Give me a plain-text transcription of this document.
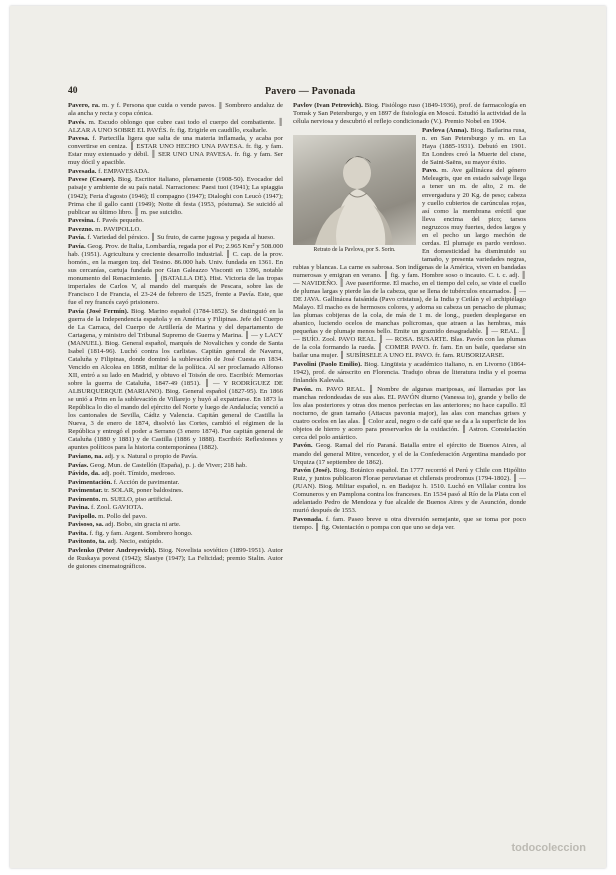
40	Pavero — Pavonada

Pavero, ra. m. y f. Persona que cuida o vende pavos. ║ Sombrero andaluz de ala ancha y recta y copa cónica.

Pavés. m. Escudo oblongo que cubre casi todo el cuerpo del combatiente. ║ ALZAR A UNO SOBRE EL PAVÉS. fr. fig. Erigirle en caudillo, exaltarle.

Pavesa. f. Partecilla ligera que salta de una materia inflamada, y acaba por convertirse en ceniza. ║ ESTAR UNO HECHO UNA PAVESA. fr. fig. y fam. Estar muy extenuado y débil. ║ SER UNO UNA PAVESA. fr. fig. y fam. Ser muy dócil y apacible.

Pavesada. f. EMPAVESADA.

Pavese (Cesare). Biog. Escritor italiano, plenamente (1908-50). Evocador del paisaje y ambiente de su país natal. Narraciones: Paesi tuoi (1941); La spiaggia (1942); Feria d'agosto (1946); Il compagno (1947); Dialoghi con Leucò (1947); Prima che il gallo canti (1949); Notte di festa (1953, póstuma). Se suicidó al publicar su último libro. ║ m. pse suicidio.

Pavesina. f. Pavés pequeño.

Pavezno. m. PAVIPOLLO.

Pavía. f. Variedad del pérsico. ║ Su fruto, de carne jugosa y pegada al hueso.

Pavía. Geog. Prov. de Italia, Lombardía, regada por el Po; 2.965 Km² y 508.000 hab. (1951). Agricultura y creciente desarrollo industrial. ║ C. cap. de la prov. homón., en la margen izq. del Tesino. 86.000 hab. Univ. fundada en 1361. En sus cercanías, cartuja fundada por Gian Galeazzo Visconti en 1396, notable monumento del Renacimiento. ║ (BATALLA DE). Hist. Victoria de las tropas imperiales de Carlos V, al mando del marqués de Pescara, sobre las de Francisco I de Francia, el 23-24 de febrero de 1525, frente a Pavía. Este, que fue el rey francés cayó prisionero.

Pavía (José Fermín). Biog. Marino español (1784-1852). Se distinguió en la guerra de la Independencia española y en América y Filipinas. Jefe del Cuerpo de La Carraca, del Cuerpo de Artillería de Marina y del departamento de Cartagena, y ministro del Tribunal Supremo de Guerra y Marina. ║ — y LACY (MANUEL). Biog. General español, marqués de Novaliches y conde de Santa Isabel (1814-96). Luchó contra los carlistas. Capitán general de Navarra, Cataluña y Filipinas, donde dominó la sublevación de José Cuesta en 1834. Vencido en Alcolea en 1868, militar de la política. Al ser proclamado Alfonso XII, entró a su lado en Madrid, y obtuvo el Toisón de oro. Escribió: Memorias sobre la guerra de Cataluña, 1847-49 (1851). ║ — Y RODRÍGUEZ DE ALBURQUERQUE (MARIANO). Biog. General español (1827-95). En 1866 se unió a Prim en la sublevación de Villarejo y huyó al expatriarse. En 1873 la República lo dio el mando del ejército del Norte y luego de Andalucía; venció a los cantonales de Sevilla, Cádiz y Valencia. Capitán general de Castilla la Nueva, 3 de enero de 1874, disolvió las Cortes, cambió el régimen de la República y entregó el poder a Serrano (3 enero 1874). Fue capitán general de Cataluña (1880 y 1881) y de Castilla (1886 y 1888). Escribió: Reflexiones y apuntes políticos para la historia contemporánea (1882).

Paviano, na. adj. y s. Natural o propio de Pavía.

Pavías. Geog. Mun. de Castellón (España), p. j. de Viver; 218 hab.

Pávido, da. adj. poét. Tímido, medroso.

Pavimentación. f. Acción de pavimentar.

Pavimentar. tr. SOLAR, poner baldosines.

Pavimento. m. SUELO, piso artificial.

Pavina. f. Zool. GAVIOTA.

Pavipollo. m. Pollo del pavo.

Pavisoso, sa. adj. Bobo, sin gracia ni arte.

Pavita. f. fig. y fam. Argent. Sombrero hongo.

Pavitonto, ta. adj. Necio, estúpido.

Pavlenko (Peter Andreyevich). Biog. Novelista soviético (1899-1951). Autor de Ruskaya povest (1942); Slastye (1947); La Felicidad; premio Stalin. Autor de guiones cinematográficos.

Pavlov (Ivan Petrovich). Biog. Fisiólogo ruso (1849-1936), prof. de farmacología en Tomsk y San Petersburgo, y en 1897 de fisiología en Moscú. Estudió la actividad de la célula nerviosa y descubrió el reflejo condicionado (V.). Premio Nobel en 1904.

Retrato de la Pavlova, por S. Sorin.

Pavlova (Anna). Biog. Bailarina rusa, n. en San Petersburgo y m. en La Haya (1885-1931). Debutó en 1901. En Londres creó la Muerte del cisne, de Saint-Saëns, su mayor éxito.

Pavo. m. Ave gallinácea del género Meleagris, que en estado salvaje llega a tener un m. de alto, 2 m. de envergadura y 20 Kg. de peso; cabeza y cuello cubiertos de carúnculas rojas, así como la membrana eréctil que lleva encima del pico; tarsos negruzcos muy fuertes, dedos largos y en el pecho un largo mechón de cerdas. El plumaje es pardo verdoso. En domesticidad ha disminuido su tamaño, y presenta variedades negras, rubias y blancas. La carne es sabrosa. Son indígenas de la América, viven en bandadas numerosas y emigran en verano. ║ fig. y fam. Hombre soso o incauto. C. t. c. adj. ║ — NAVIDEÑO. ║ Ave paseriforme. El macho, en el tiempo del celo, se viste el cuello de plumas largas y pierde las de la cabeza, que se llena de tubérculos encarnados. ║ — DE JAVA. Gallinácea faisánida (Pavo cristatus), de la India y Ceilán y el archipiélago Malayo. El macho es de hermosos colores, y adorna su cabeza un penacho de plumas; las plumas cobijeras de la cola, de más de 1 m. de long., pueden desplegarse en abanico, luciendo ocelos de manchas policromas, que atraen a las hembras, más pequeñas y de plumaje menos bello. Emite un graznido desagradable. ║ — REAL. ║ — BUÍO. Zool. PAVO REAL. ║ — ROSA. BUSARTE. Blas. Pavón con las plumas de la cola formando la rueda. ║ COMER PAVO. fr. fam. En un baile, quedarse sin bailar una mujer. ║ SUBÍRSELE A UNO EL PAVO. fr. fam. RUBORIZARSE.

Pavolini (Paolo Emilio). Biog. Lingüista y académico italiano, n. en Livorno (1864-1942), prof. de sánscrito en Florencia. Tradujo obras de literatura india y el poema finlandés Kalevala.

Pavón. m. PAVO REAL. ║ Nombre de algunas mariposas, así llamadas por las manchas redondeadas de sus alas. EL PAVÓN diurno (Vanessa io), grande y bello de los alas posteriores y otras dos menos perfectas en las anteriores; no hace capullo. El nocturno, de gran tamaño (Attacus pavonia major), las alas con manchas grises y cuatro ocelos en las alas. ║ Color azul, negro o de café que se da a la superficie de los objetos de hierro y acero para preservarlos de la oxidación. ║ Astron. Constelación cerca del polo antártico.

Pavón. Geog. Ramal del río Paraná. Batalla entre el ejército de Buenos Aires, al mando del general Mitre, vencedor, y el de la Confederación Argentina mandado por Urquiza (17 septiembre de 1862).

Pavón (José). Biog. Botánico español. En 1777 recorrió el Perú y Chile con Hipólito Ruiz, y juntos publicaron Florae peruvianae et chilensis prodromus (1794-1802). ║ — (JUAN). Biog. Militar español, n. en Badajoz h. 1510. Luchó en Villalar contra los Comuneros y en Pamplona contra los franceses. En 1534 pasó al Río de la Plata con el adelantado Pedro de Mendoza y fue alcalde de Buenos Aires y de Asunción, donde murió después de 1553.

Pavonada. f. fam. Paseo breve u otra diversión semejante, que se toma por poco tiempo. ║ fig. Ostentación o pompa con que uno se deja ver.

todocoleccion
